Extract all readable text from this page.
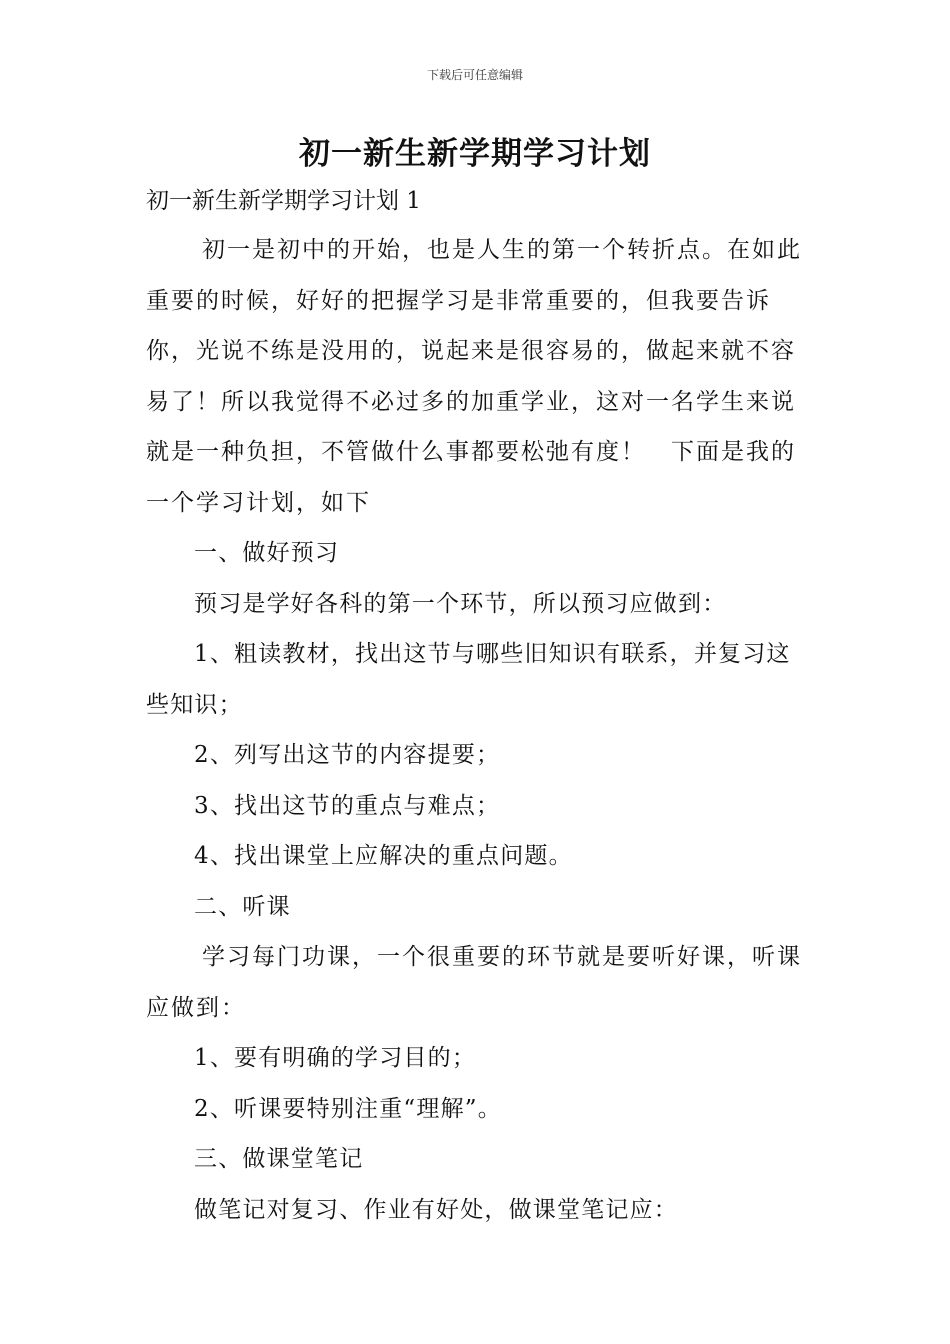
下载后可任意编辑
初一新生新学期学习计划
初一新生新学期学习计划 1

初一是初中的开始，也是人生的第一个转折点。在如此重要的时候，好好的把握学习是非常重要的，但我要告诉你，光说不练是没用的，说起来是很容易的，做起来就不容易了！所以我觉得不必过多的加重学业，这对一名学生来说就是一种负担，不管做什么事都要松弛有度！　下面是我的一个学习计划，如下

一、做好预习

预习是学好各科的第一个环节，所以预习应做到：

1、粗读教材，找出这节与哪些旧知识有联系，并复习这些知识；

2、列写出这节的内容提要；

3、找出这节的重点与难点；

4、找出课堂上应解决的重点问题。

二、听课

学习每门功课，一个很重要的环节就是要听好课，听课应做到：

1、要有明确的学习目的；

2、听课要特别注重“理解”。

三、做课堂笔记

做笔记对复习、作业有好处，做课堂笔记应：
